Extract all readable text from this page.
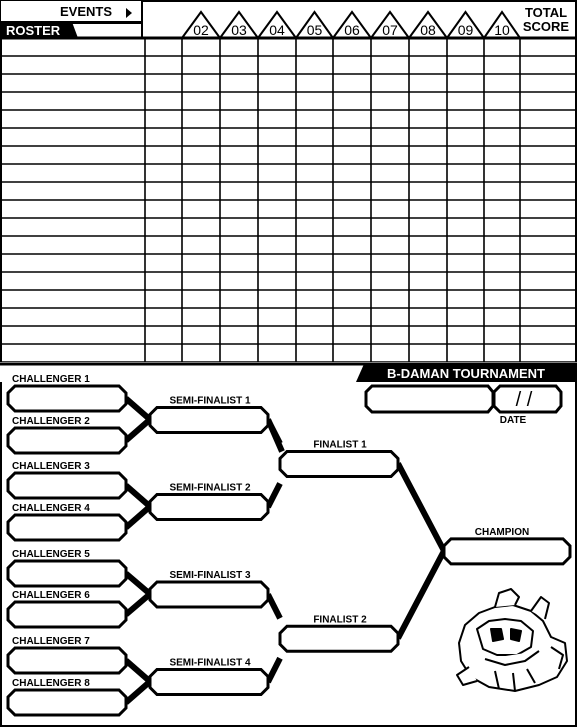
EVENTS
ROSTER	02 03 04 05 06 07 08 09 10
TOTAL
SCORE
B-DAMAN TOURNAMENT
/ /
DATE
CHALLENGER 1
CHALLENGER 2
CHALLENGER 3
CHALLENGER 4
CHALLENGER 5
CHALLENGER 6
CHALLENGER 7
CHALLENGER 8
SEMI-FINALIST 1
SEMI-FINALIST 2
SEMI-FINALIST 3
SEMI-FINALIST 4
FINALIST 1
FINALIST 2
CHAMPION
